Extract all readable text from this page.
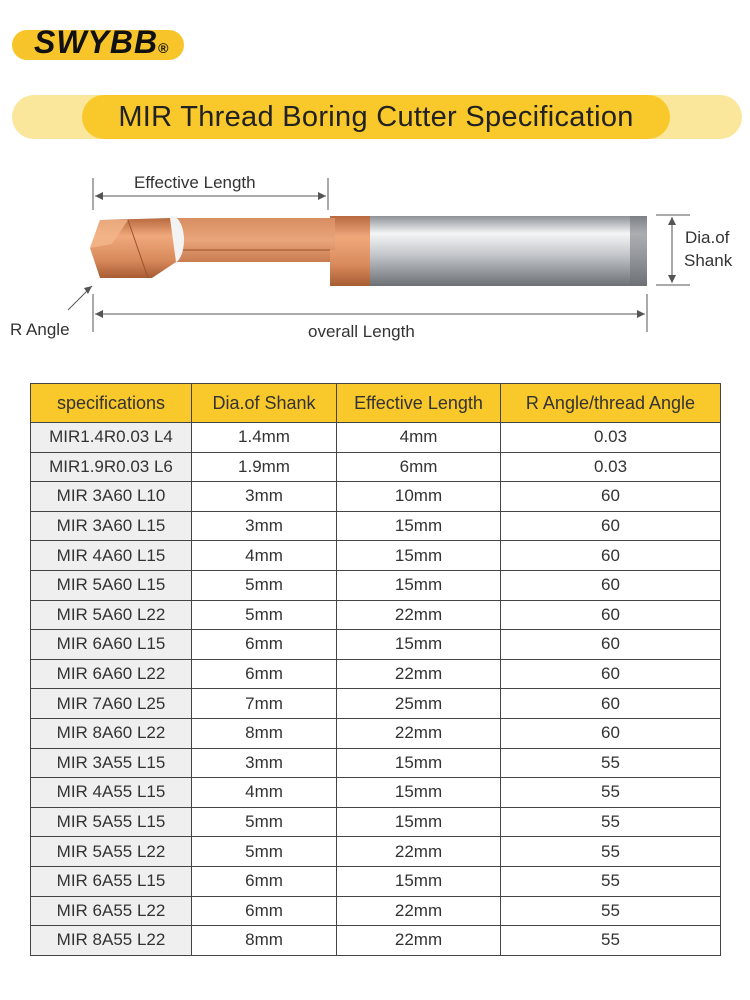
SWYBB®
MIR Thread Boring Cutter Specification
Effective Length
R Angle	overall Length
Dia.of
Shank
specifications	Dia.of Shank	Effective Length	R Angle/thread Angle
MIR1.4R0.03 L4	1.4mm	4mm	0.03
MIR1.9R0.03 L6	1.9mm	6mm	0.03
MIR 3A60 L10	3mm	10mm	60
MIR 3A60 L15	3mm	15mm	60
MIR 4A60 L15	4mm	15mm	60
MIR 5A60 L15	5mm	15mm	60
MIR 5A60 L22	5mm	22mm	60
MIR 6A60 L15	6mm	15mm	60
MIR 6A60 L22	6mm	22mm	60
MIR 7A60 L25	7mm	25mm	60
MIR 8A60 L22	8mm	22mm	60
MIR 3A55 L15	3mm	15mm	55
MIR 4A55 L15	4mm	15mm	55
MIR 5A55 L15	5mm	15mm	55
MIR 5A55 L22	5mm	22mm	55
MIR 6A55 L15	6mm	15mm	55
MIR 6A55 L22	6mm	22mm	55
MIR 8A55 L22	8mm	22mm	55
